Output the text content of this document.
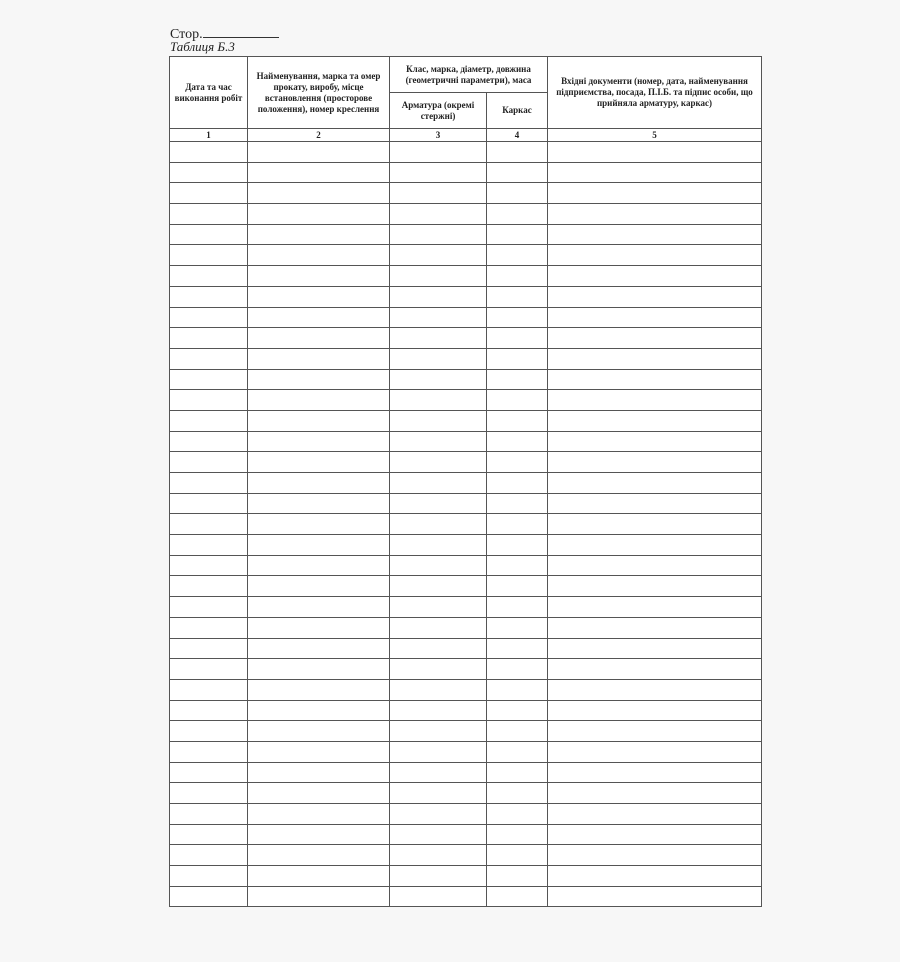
Стор.
Таблиця Б.3
Дата та час виконання робіт	Найменування, марка та омер прокату, виробу, місце встановлення (просторове положення), номер креслення	Клас, марка, діаметр, довжина (геометричні параметри), маса		Вхідні документи (номер, дата, найменування підприємства, посада, П.І.Б. та підпис особи, що прийняла арматуру, каркас)
		Арматура (окремі стержні)	Каркас	
1	2	3	4	5
